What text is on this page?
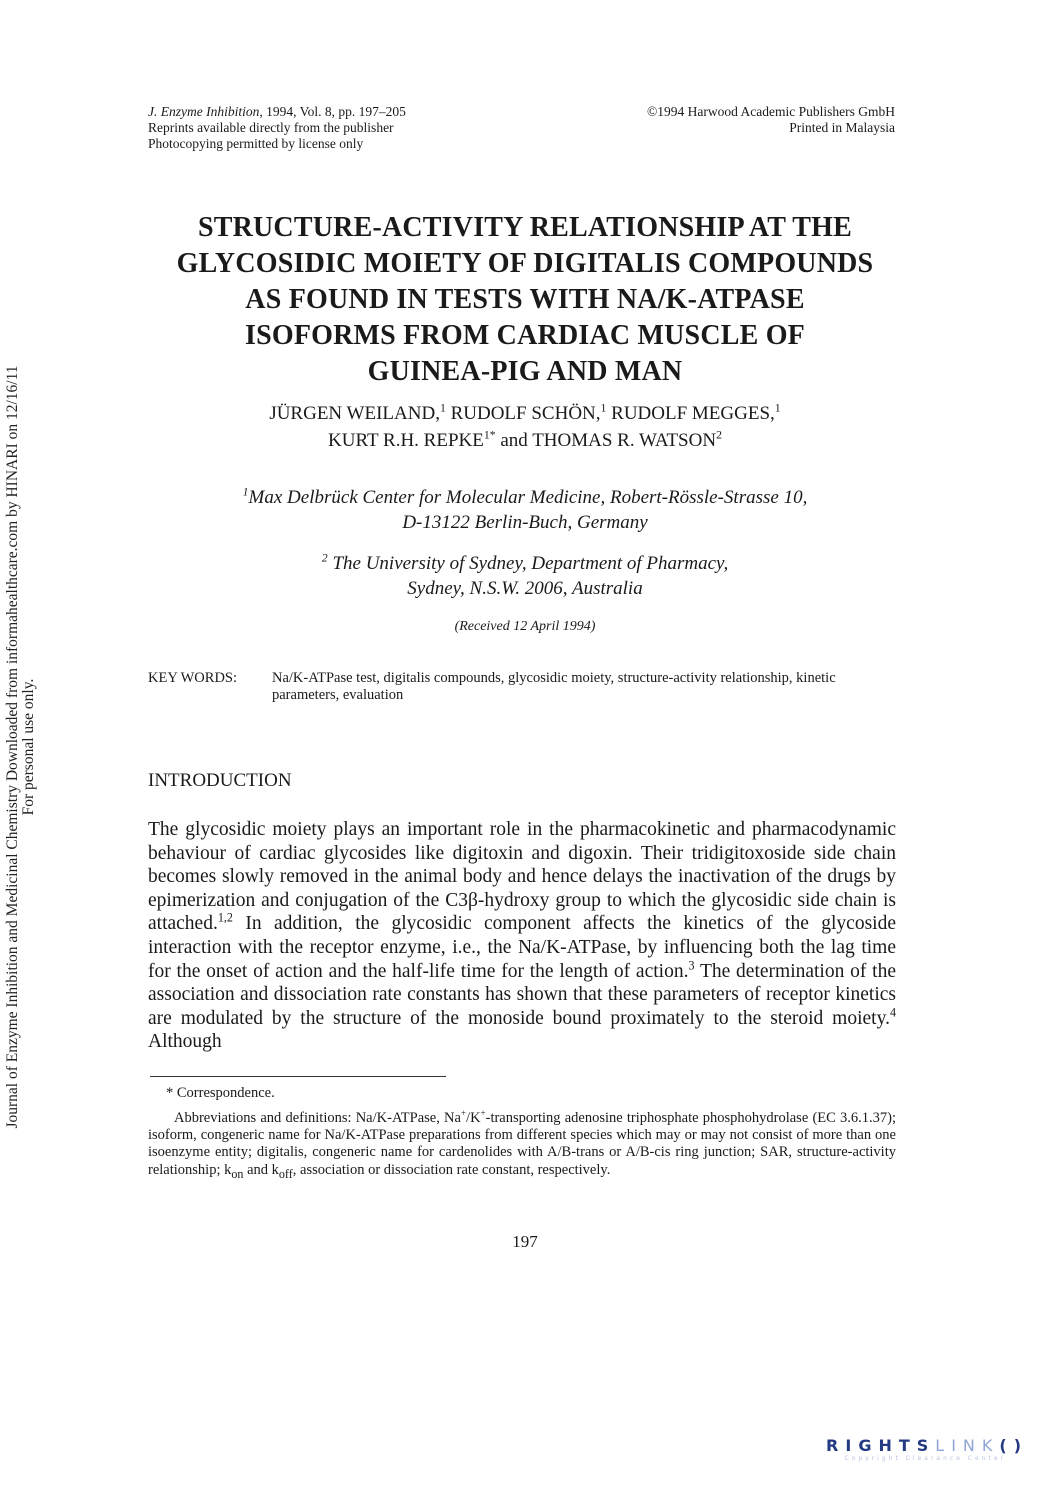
J. Enzyme Inhibition, 1994, Vol. 8, pp. 197–205
Reprints available directly from the publisher
Photocopying permitted by license only
©1994 Harwood Academic Publishers GmbH
Printed in Malaysia
STRUCTURE-ACTIVITY RELATIONSHIP AT THE
GLYCOSIDIC MOIETY OF DIGITALIS COMPOUNDS
AS FOUND IN TESTS WITH NA/K-ATPASE
ISOFORMS FROM CARDIAC MUSCLE OF
GUINEA-PIG AND MAN
JÜRGEN WEILAND,$^1$ RUDOLF SCHÖN,$^1$ RUDOLF MEGGES,$^1$
KURT R.H. $REPKE^{1*}$ and THOMAS R. WATSON$^2$
$^1$Max Delbrück Center for Molecular Medicine, Robert-Rössle-Strasse 10,
D-13122 Berlin-Buch, Germany
$^2$ The University of Sydney, Department of Pharmacy,
Sydney, N.S.W. 2006, Australia
(Received 12 April 1994)
KEY WORDS:	Na/K-ATPase test, digitalis compounds, glycosidic moiety, structure-activity relationship, kinetic parameters, evaluation
INTRODUCTION
The glycosidic moiety plays an important role in the pharmacokinetic and pharmacodynamic behaviour of cardiac glycosides like digitoxin and digoxin. Their tridigitoxoside side chain becomes slowly removed in the animal body and hence delays the inactivation of the drugs by epimerization and conjugation of the C3β-hydroxy group to which the glycosidic side chain is attached.$^{1,2}$ In addition, the glycosidic component affects the kinetics of the glycoside interaction with the receptor enzyme, i.e., the Na/K-ATPase, by influencing both the lag time for the onset of action and the half-life time for the length of action.$^3$ The determination of the association and dissociation rate constants has shown that these parameters of receptor kinetics are modulated by the structure of the monoside bound proximately to the steroid moiety.$^4$ Although
* Correspondence.
Abbreviations and definitions: Na/K-ATPase, Na+/K+-transporting adenosine triphosphate phosphohydrolase (EC 3.6.1.37); isoform, congeneric name for Na/K-ATPase preparations from different species which may or may not consist of more than one isoenzyme entity; digitalis, congeneric name for cardenolides with A/B-trans or A/B-cis ring junction; SAR, structure-activity relationship; $k_{on}$ and $k_{off}$, association or dissociation rate constant, respectively.
197
Journal of Enzyme Inhibition and Medicinal Chemistry Downloaded from informahealthcare.com by HINARI on 12/16/11 For personal use only.
RIGHTSLINK()
Copyright Clearance Center
